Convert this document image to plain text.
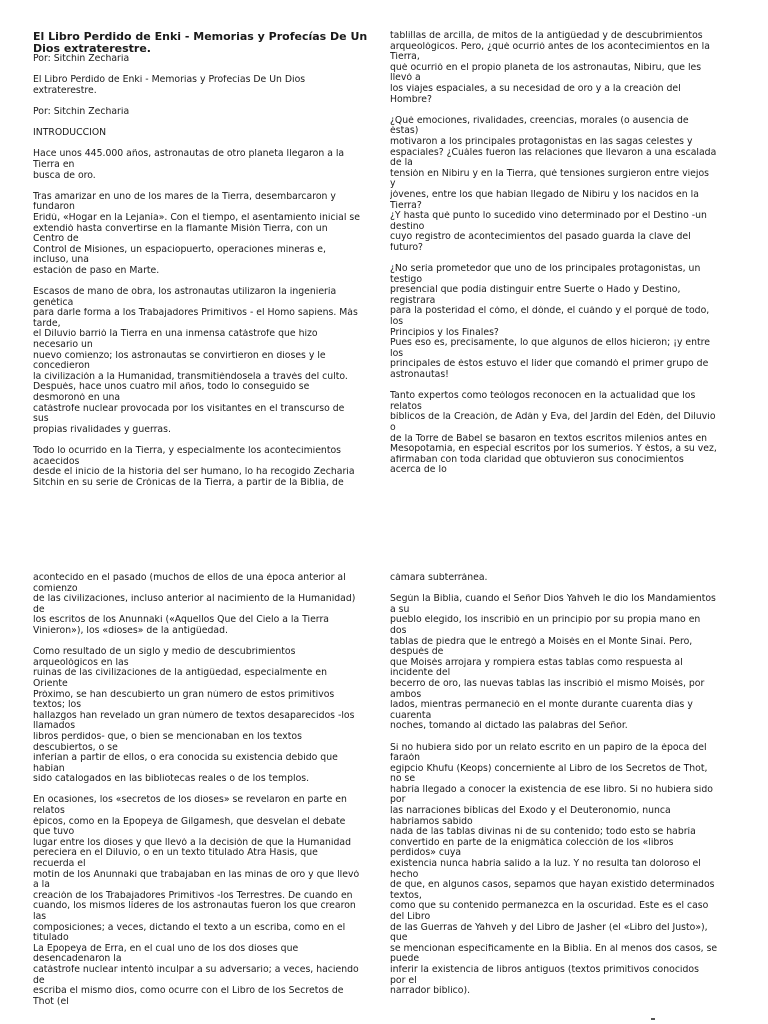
El Libro Perdido de Enki - Memorias y Profecías De Un
Dios extraterestre.
Por: Sitchin Zecharia
El Libro Perdido de Enki - Memorias y Profecías De Un Dios
extraterestre.
Por: Sitchin Zecharia
INTRODUCCIÓN
Hace unos 445.000 años, astronautas de otro planeta llegaron a la
Tierra en
busca de oro.
Tras amarizar en uno de los mares de la Tierra, desembarcaron y
fundaron
Eridú, «Hogar en la Lejanía». Con el tiempo, el asentamiento inicial se
extendió hasta convertirse en la flamante Misión Tierra, con un
Centro de
Control de Misiones, un espaciopuerto, operaciones mineras e,
incluso, una
estación de paso en Marte.
Escasos de mano de obra, los astronautas utilizaron la ingeniería
genética
para darle forma a los Trabajadores Primitivos - el Homo sapiens. Más
tarde,
el Diluvio barrió la Tierra en una inmensa catástrofe que hizo
necesario un
nuevo comienzo; los astronautas se convirtieron en dioses y le
concedieron
la civilización a la Humanidad, transmitiéndosela a través del culto.
Después, hace unos cuatro mil años, todo lo conseguido se
desmoronó en una
catástrofe nuclear provocada por los visitantes en el transcurso de
sus
propias rivalidades y guerras.
Todo lo ocurrido en la Tierra, y especialmente los acontecimientos
acaecidos
desde el inicio de la historia del ser humano, lo ha recogido Zecharia
Sitchin en su serie de Crónicas de la Tierra, a partir de la Biblia, de
tablillas de arcilla, de mitos de la antigüedad y de descubrimientos
arqueológicos. Pero, ¿qué ocurrió antes de los acontecimientos en la
Tierra,
qué ocurrió en el propio planeta de los astronautas, Nibiru, que les
llevó a
los viajes espaciales, a su necesidad de oro y a la creación del
Hombre?
¿Qué emociones, rivalidades, creencias, morales (o ausencia de
éstas)
motivaron a los principales protagonistas en las sagas celestes y
espaciales? ¿Cuáles fueron las relaciones que llevaron a una escalada
de la
tensión en Nibiru y en la Tierra, qué tensiones surgieron entre viejos
y
jóvenes, entre los que habían llegado de Nibiru y los nacidos en la
Tierra?
¿Y hasta qué punto lo sucedido vino determinado por el Destino -un
destino
cuyo registro de acontecimientos del pasado guarda la clave del
futuro?
¿No sería prometedor que uno de los principales protagonistas, un
testigo
presencial que podía distinguir entre Suerte o Hado y Destino,
registrara
para la posteridad el cómo, el dónde, el cuándo y el porqué de todo,
los
Principios y los Finales?
Pues eso es, precisamente, lo que algunos de ellos hicieron; ¡y entre
los
principales de éstos estuvo el líder que comandó el primer grupo de
astronautas!
Tanto expertos como teólogos reconocen en la actualidad que los
relatos
bíblicos de la Creación, de Adán y Eva, del Jardín del Edén, del Diluvio
o
de la Torre de Babel se basaron en textos escritos milenios antes en
Mesopotamia, en especial escritos por los sumerios. Y éstos, a su vez,
afirmaban con toda claridad que obtuvieron sus conocimientos
acerca de lo
acontecido en el pasado (muchos de ellos de una época anterior al
comienzo
de las civilizaciones, incluso anterior al nacimiento de la Humanidad)
de
los escritos de los Anunnaki («Aquellos Que del Cielo a la Tierra
Vinieron»), los «dioses» de la antigüedad.
Como resultado de un siglo y medio de descubrimientos
arqueológicos en las
ruinas de las civilizaciones de la antigüedad, especialmente en
Oriente
Próximo, se han descubierto un gran número de estos primitivos
textos; los
hallazgos han revelado un gran número de textos desaparecidos -los
llamados
libros perdidos- que, o bien se mencionaban en los textos
descubiertos, o se
inferían a partir de ellos, o era conocida su existencia debido que
habían
sido catalogados en las bibliotecas reales o de los templos.
En ocasiones, los «secretos de los dioses» se revelaron en parte en
relatos
épicos, como en la Epopeya de Gilgamesh, que desvelan el debate
que tuvo
lugar entre los dioses y que llevó a la decisión de que la Humanidad
pereciera en el Diluvio, o en un texto titulado Atra Hasis, que
recuerda el
motín de los Anunnaki que trabajaban en las minas de oro y que llevó
a la
creación de los Trabajadores Primitivos -los Terrestres. De cuando en
cuando, los mismos líderes de los astronautas fueron los que crearon
las
composiciones; a veces, dictando el texto a un escriba, como en el
titulado
La Epopeya de Erra, en el cual uno de los dos dioses que
desencadenaron la
catástrofe nuclear intentó inculpar a su adversario; a veces, haciendo
de
escriba el mismo dios, como ocurre con el Libro de los Secretos de
Thot (el
cámara subterránea.
Según la Biblia, cuando el Señor Dios Yahveh le dio los Mandamientos
a su
pueblo elegido, los inscribió en un principio por su propia mano en
dos
tablas de piedra que le entregó a Moisés en el Monte Sinaí. Pero,
después de
que Moisés arrojara y rompiera estas tablas como respuesta al
incidente del
becerro de oro, las nuevas tablas las inscribió el mismo Moisés, por
ambos
lados, mientras permaneció en el monte durante cuarenta días y
cuarenta
noches, tomando al dictado las palabras del Señor.
Si no hubiera sido por un relato escrito en un papiro de la época del
faraón
egipcio Khufu (Keops) concerniente al Libro de los Secretos de Thot,
no se
habría llegado a conocer la existencia de ese libro. Si no hubiera sido
por
las narraciones bíblicas del Éxodo y el Deuteronomio, nunca
habríamos sabido
nada de las tablas divinas ni de su contenido; todo esto se habría
convertido en parte de la enigmática colección de los «libros
perdidos» cuya
existencia nunca habría salido a la luz. Y no resulta tan doloroso el
hecho
de que, en algunos casos, sepamos que hayan existido determinados
textos,
como que su contenido permanezca en la oscuridad. Éste es el caso
del Libro
de las Guerras de Yahveh y del Libro de Jasher (el «Libro del Justo»),
que
se mencionan específicamente en la Biblia. En al menos dos casos, se
puede
inferir la existencia de libros antiguos (textos primitivos conocidos
por el
narrador bíblico).
